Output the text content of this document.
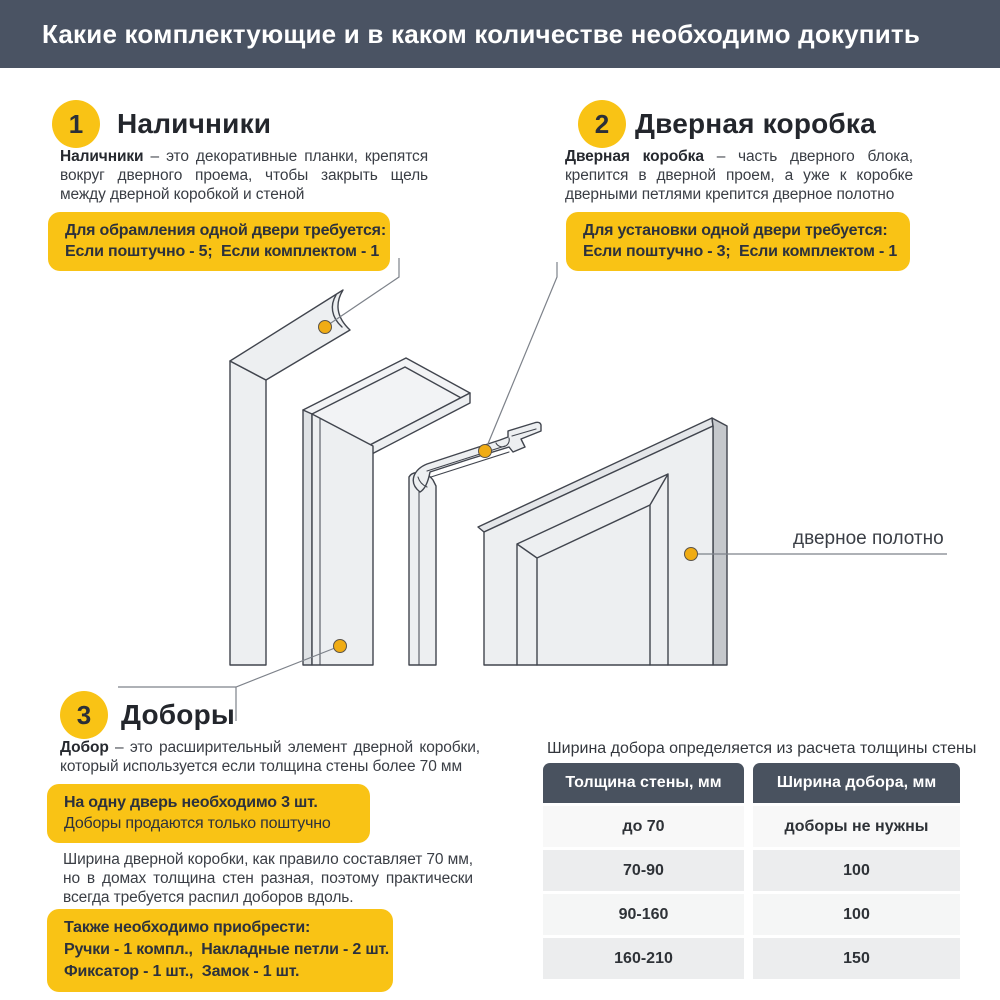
Какие комплектующие и в каком количестве необходимо докупить
1 Наличники
Наличники – это декоративные планки, крепятся вокруг дверного проема, чтобы закрыть щель между дверной коробкой и стеной
Для обрамления одной двери требуется:
Если поштучно - 5;  Если комплектом - 1
2 Дверная коробка
Дверная коробка – часть дверного блока, крепится в дверной проем, а уже к коробке дверными петлями крепится дверное полотно
Для установки одной двери требуется:
Если поштучно - 3;  Если комплектом - 1
дверное полотно
3 Доборы
Добор – это расширительный элемент дверной коробки, который используется если толщина стены более 70 мм
На одну дверь необходимо 3 шт.
Доборы продаются только поштучно
Ширина дверной коробки, как правило составляет 70 мм, но в домах толщина стен разная, поэтому практически всегда требуется распил доборов вдоль.
Также необходимо приобрести:
Ручки - 1 компл.,  Накладные петли - 2 шт.
Фиксатор - 1 шт.,  Замок - 1 шт.
Ширина добора определяется из расчета толщины стены
Толщина стены, мм	Ширина добора, мм
до 70	доборы не нужны
70-90	100
90-160	100
160-210	150
